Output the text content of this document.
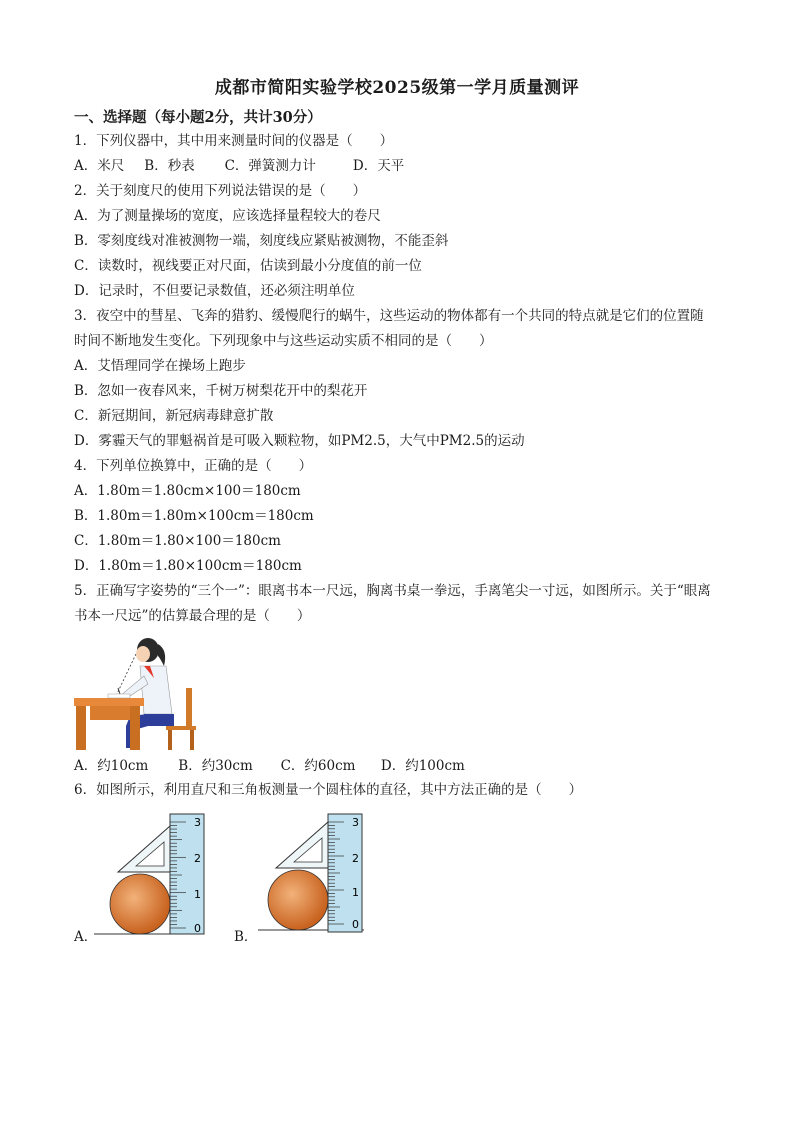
成都市简阳实验学校2025级第一学月质量测评
一、选择题（每小题2分，共计30分）
1．下列仪器中，其中用来测量时间的仪器是（　　）
A．米尺 B．秒表 C．弹簧测力计	D．天平
2．关于刻度尺的使用下列说法错误的是（　　）
A．为了测量操场的宽度，应该选择量程较大的卷尺
B．零刻度线对准被测物一端，刻度线应紧贴被测物，不能歪斜
C．读数时，视线要正对尺面，估读到最小分度值的前一位
D．记录时，不但要记录数值，还必须注明单位
3．夜空中的彗星、飞奔的猎豹、缓慢爬行的蜗牛，这些运动的物体都有一个共同的特点就是它们的位置随
时间不断地发生变化。下列现象中与这些运动实质不相同的是（　　）
A．艾悟理同学在操场上跑步
B．忽如一夜春风来，千树万树梨花开中的梨花开
C．新冠期间，新冠病毒肆意扩散
D．雾霾天气的罪魁祸首是可吸入颗粒物，如PM2.5，大气中PM2.5的运动
4．下列单位换算中，正确的是（　　）
A．1.80m＝1.80cm×100＝180cm
B．1.80m＝1.80m×100cm＝180cm
C．1.80m＝1.80×100＝180cm
D．1.80m＝1.80×100cm＝180cm
5．正确写字姿势的“三个一”：眼离书本一尺远，胸离书桌一拳远，手离笔尖一寸远，如图所示。关于“眼离
书本一尺远”的估算最合理的是（　　）
A．约10cm B．约30cm C．约60cm D．约100cm
6．如图所示，利用直尺和三角板测量一个圆柱体的直径，其中方法正确的是（　　）
A．
3
2
1
0
B．
3
2
1
0
